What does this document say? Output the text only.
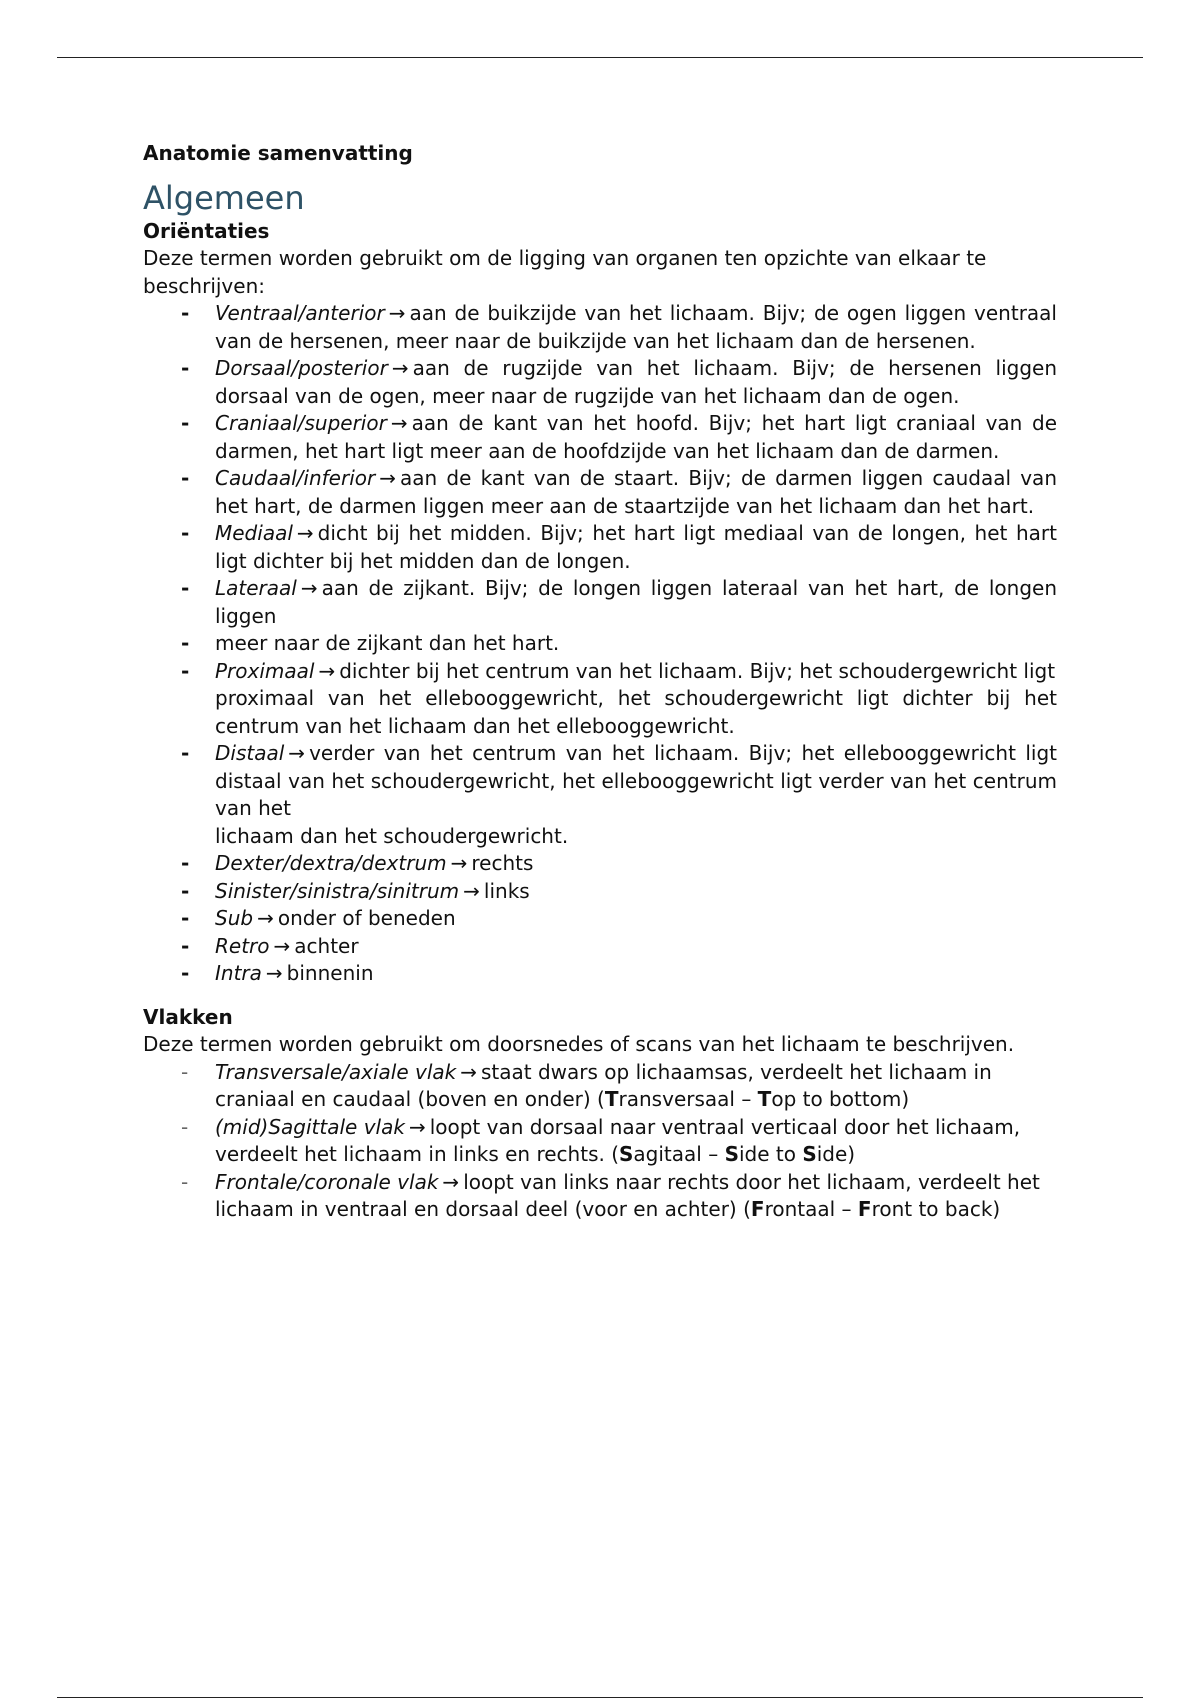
Anatomie samenvatting
Algemeen
Oriëntaties

Deze termen worden gebruikt om de ligging van organen ten opzichte van elkaar te beschrijven:

- Ventraal/anterior → aan de buikzijde van het lichaam. Bijv; de ogen liggen ventraal van de hersenen, meer naar de buikzijde van het lichaam dan de hersenen.
- Dorsaal/posterior → aan de rugzijde van het lichaam. Bijv; de hersenen liggen dorsaal van de ogen, meer naar de rugzijde van het lichaam dan de ogen.
- Craniaal/superior → aan de kant van het hoofd. Bijv; het hart ligt craniaal van de darmen, het hart ligt meer aan de hoofdzijde van het lichaam dan de darmen.
- Caudaal/inferior → aan de kant van de staart. Bijv; de darmen liggen caudaal van het hart, de darmen liggen meer aan de staartzijde van het lichaam dan het hart.
- Mediaal → dicht bij het midden. Bijv; het hart ligt mediaal van de longen, het hart ligt dichter bij het midden dan de longen.
- Lateraal → aan de zijkant. Bijv; de longen liggen lateraal van het hart, de longen liggen
- meer naar de zijkant dan het hart.
- Proximaal → dichter bij het centrum van het lichaam. Bijv; het schoudergewricht ligt
proximaal van het ellebooggewricht, het schoudergewricht ligt dichter bij het centrum van het lichaam dan het ellebooggewricht.
- Distaal → verder van het centrum van het lichaam. Bijv; het ellebooggewricht ligt distaal van het schoudergewricht, het ellebooggewricht ligt verder van het centrum van het
lichaam dan het schoudergewricht.
- Dexter/dextra/dextrum → rechts
- Sinister/sinistra/sinitrum → links
- Sub → onder of beneden
- Retro → achter
- Intra → binnenin
Vlakken

Deze termen worden gebruikt om doorsnedes of scans van het lichaam te beschrijven.

- Transversale/axiale vlak → staat dwars op lichaamsas, verdeelt het lichaam in craniaal en caudaal (boven en onder) (Transversaal – Top to bottom)
- (mid)Sagittale vlak → loopt van dorsaal naar ventraal verticaal door het lichaam, verdeelt het lichaam in links en rechts. (Sagitaal – Side to Side)
- Frontale/coronale vlak → loopt van links naar rechts door het lichaam, verdeelt het lichaam in ventraal en dorsaal deel (voor en achter) (Frontaal – Front to back)
